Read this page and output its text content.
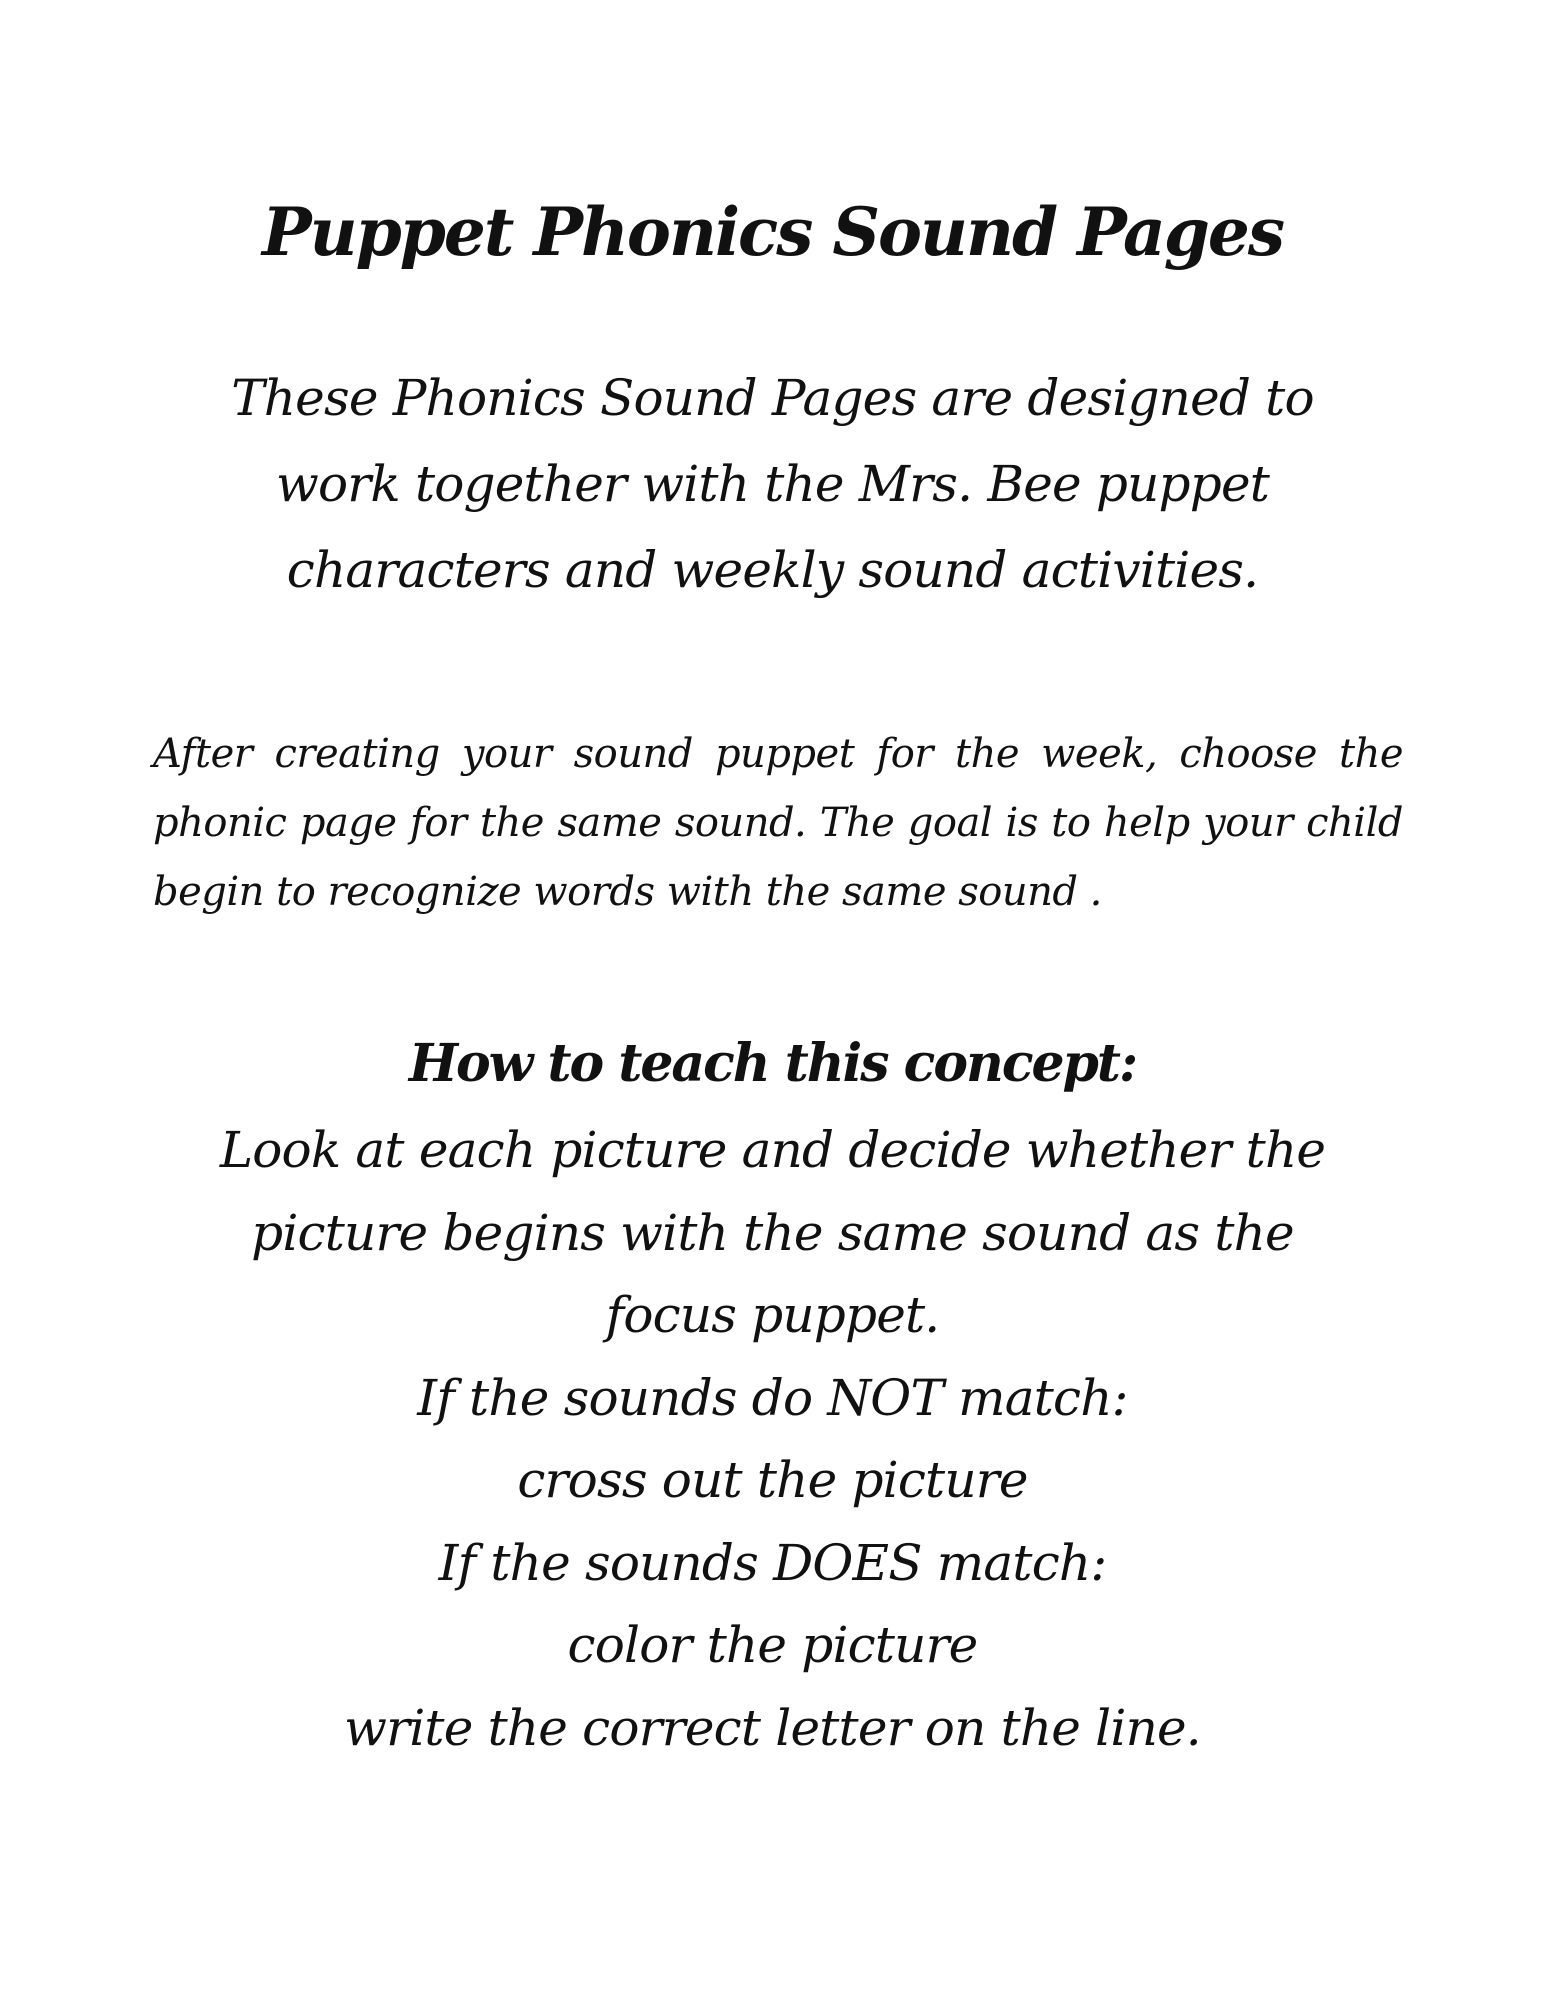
Puppet Phonics Sound Pages
These Phonics Sound Pages are designed to
work together with the Mrs. Bee puppet
characters and weekly sound activities.

After creating your sound puppet for the week, choose the phonic page for the same sound. The goal is to help your child begin to recognize words with the same sound .

How to teach this concept:
Look at each picture and decide whether the
picture begins with the same sound as the
focus puppet.
If the sounds do NOT match:
cross out the picture
If the sounds DOES match:
color the picture
write the correct letter on the line.
